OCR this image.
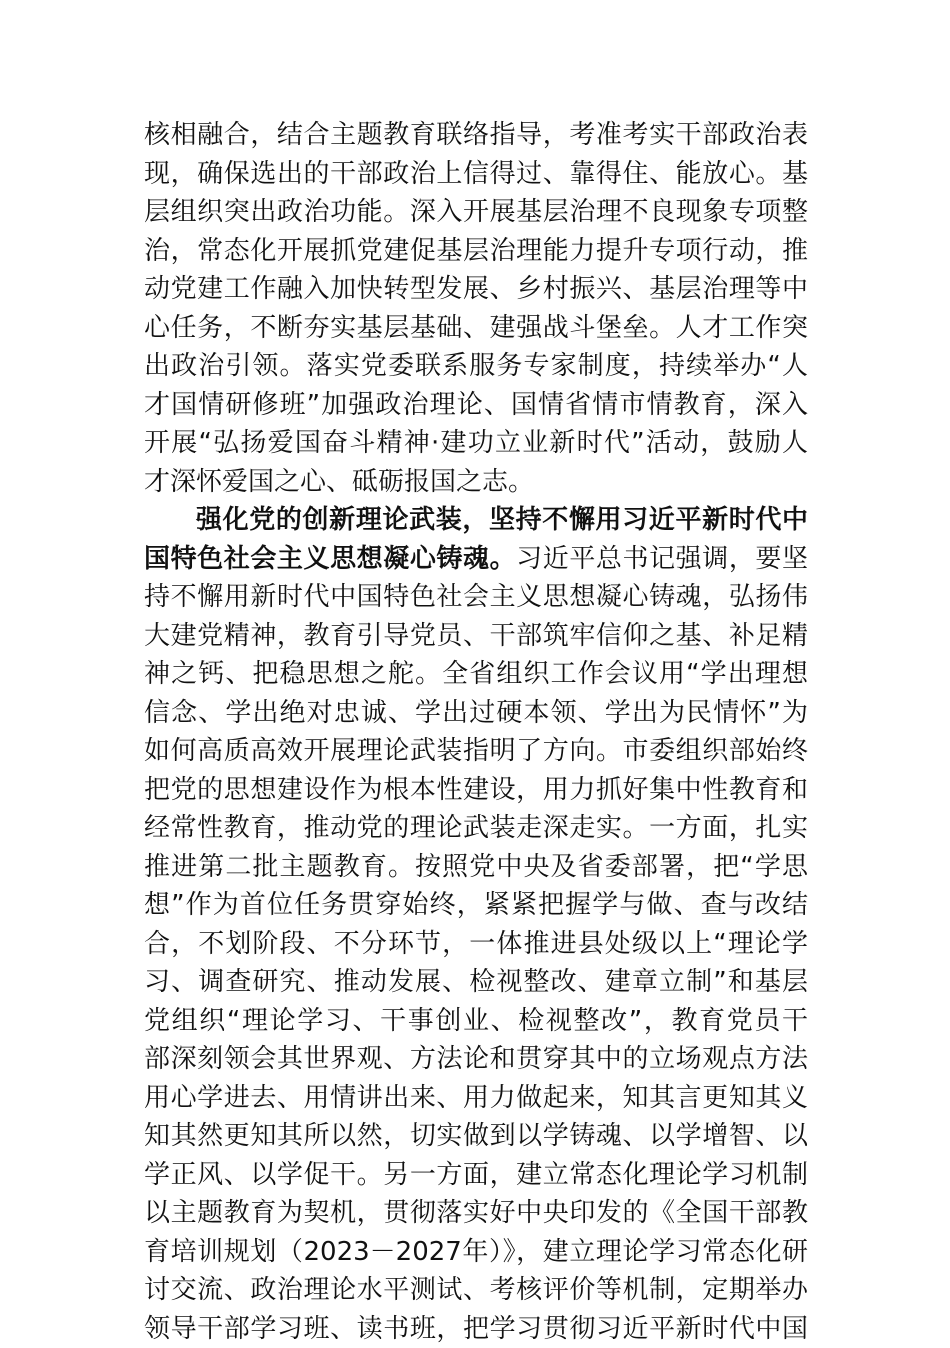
核相融合，结合主题教育联络指导，考准考实干部政治表
现，确保选出的干部政治上信得过、靠得住、能放心。基
层组织突出政治功能。深入开展基层治理不良现象专项整
治，常态化开展抓党建促基层治理能力提升专项行动，推
动党建工作融入加快转型发展、乡村振兴、基层治理等中
心任务，不断夯实基层基础、建强战斗堡垒。人才工作突
出政治引领。落实党委联系服务专家制度，持续举办“人
才国情研修班”加强政治理论、国情省情市情教育，深入
开展“弘扬爱国奋斗精神·建功立业新时代”活动，鼓励人
才深怀爱国之心、砥砺报国之志。
强化党的创新理论武装，坚持不懈用习近平新时代中
国特色社会主义思想凝心铸魂。习近平总书记强调，要坚
持不懈用新时代中国特色社会主义思想凝心铸魂，弘扬伟
大建党精神，教育引导党员、干部筑牢信仰之基、补足精
神之钙、把稳思想之舵。全省组织工作会议用“学出理想
信念、学出绝对忠诚、学出过硬本领、学出为民情怀”为
如何高质高效开展理论武装指明了方向。市委组织部始终
把党的思想建设作为根本性建设，用力抓好集中性教育和
经常性教育，推动党的理论武装走深走实。一方面，扎实
推进第二批主题教育。按照党中央及省委部署，把“学思
想”作为首位任务贯穿始终，紧紧把握学与做、查与改结
合，不划阶段、不分环节，一体推进县处级以上“理论学
习、调查研究、推动发展、检视整改、建章立制”和基层
党组织“理论学习、干事创业、检视整改”，教育党员干
部深刻领会其世界观、方法论和贯穿其中的立场观点方法
用心学进去、用情讲出来、用力做起来，知其言更知其义
知其然更知其所以然，切实做到以学铸魂、以学增智、以
学正风、以学促干。另一方面，建立常态化理论学习机制
以主题教育为契机，贯彻落实好中央印发的《全国干部教
育培训规划（2023－2027年）》，建立理论学习常态化研
讨交流、政治理论水平测试、考核评价等机制，定期举办
领导干部学习班、读书班，把学习贯彻习近平新时代中国
